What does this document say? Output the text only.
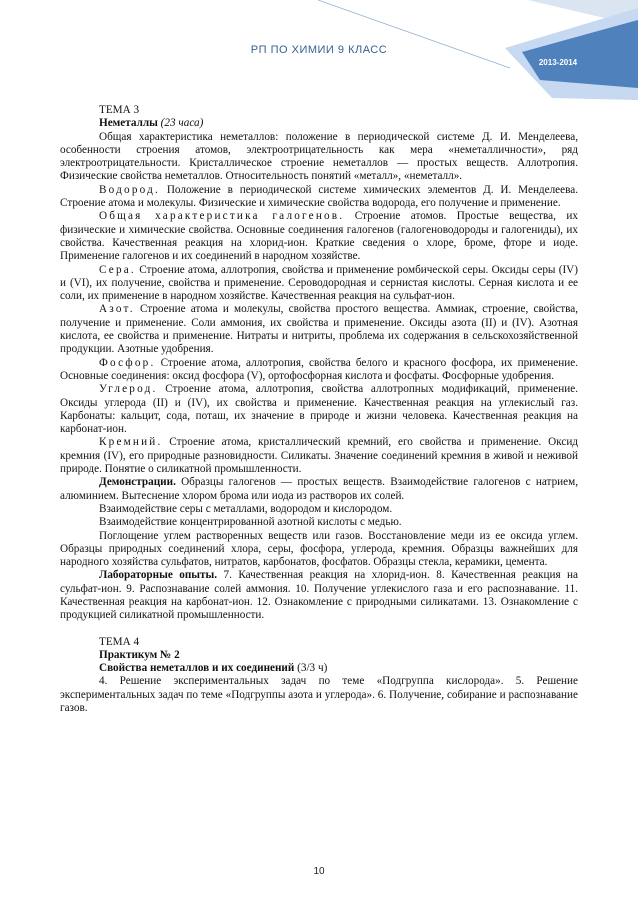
РП ПО ХИМИИ 9 КЛАСС
2013-2014

ТЕМА 3

Неметаллы (23 часа)

Общая характеристика неметаллов: положение в периодической системе Д. И. Менделеева, особенности строения атомов, электроотрицательность как мера «неметалличности», ряд электроотрицательности. Кристаллическое строение неметаллов — простых веществ. Аллотропия. Физические свойства неметаллов. Относительность понятий «металл», «неметалл».

Водород. Положение в периодической системе химических элементов Д. И. Менделеева. Строение атома и молекулы. Физические и химические свойства водорода, его получение и применение.

Общая характеристика галогенов. Строение атомов. Простые вещества, их физические и химические свойства. Основные соединения галогенов (галогеноводороды и галогениды), их свойства. Качественная реакция на хлорид-ион. Краткие сведения о хлоре, броме, фторе и иоде. Применение галогенов и их соединений в народном хозяйстве.

Сера. Строение атома, аллотропия, свойства и применение ромбической серы. Оксиды серы (IV) и (VI), их получение, свойства и применение. Сероводородная и сернистая кислоты. Серная кислота и ее соли, их применение в народном хозяйстве. Качественная реакция на сульфат-ион.

Азот. Строение атома и молекулы, свойства простого вещества. Аммиак, строение, свойства, получение и применение. Соли аммония, их свойства и применение. Оксиды азота (II) и (IV). Азотная кислота, ее свойства и применение. Нитраты и нитриты, проблема их содержания в сельскохозяйственной продукции. Азотные удобрения.

Фосфор. Строение атома, аллотропия, свойства белого и красного фосфора, их применение. Основные соединения: оксид фосфора (V), ортофосфорная кислота и фосфаты. Фосфорные удобрения.

Углерод. Строение атома, аллотропия, свойства аллотропных модификаций, применение. Оксиды углерода (II) и (IV), их свойства и применение. Качественная реакция на углекислый газ. Карбонаты: кальцит, сода, поташ, их значение в природе и жизни человека. Качественная реакция на карбонат-ион.

Кремний. Строение атома, кристаллический кремний, его свойства и применение. Оксид кремния (IV), его природные разновидности. Силикаты. Значение соединений кремния в живой и неживой природе. Понятие о силикатной промышленности.

Демонстрации. Образцы галогенов — простых веществ. Взаимодействие галогенов с натрием, алюминием. Вытеснение хлором брома или иода из растворов их солей.

Взаимодействие серы с металлами, водородом и кислородом.

Взаимодействие концентрированной азотной кислоты с медью.

Поглощение углем растворенных веществ или газов. Восстановление меди из ее оксида углем. Образцы природных соединений хлора, серы, фосфора, углерода, кремния. Образцы важнейших для народного хозяйства сульфатов, нитратов, карбонатов, фосфатов. Образцы стекла, керамики, цемента.

Лабораторные опыты. 7. Качественная реакция на хлорид-ион. 8. Качественная реакция на сульфат-ион. 9. Распознавание солей аммония. 10. Получение углекислого газа и его распознавание. 11. Качественная реакция на карбонат-ион. 12. Ознакомление с природными силикатами. 13. Ознакомление с продукцией силикатной промышленности.

ТЕМА 4

Практикум № 2

Свойства неметаллов и их соединений (3/3 ч)

4. Решение экспериментальных задач по теме «Подгруппа кислорода». 5. Решение экспериментальных задач по теме «Подгруппы азота и углерода». 6. Получение, собирание и распознавание газов.

10
